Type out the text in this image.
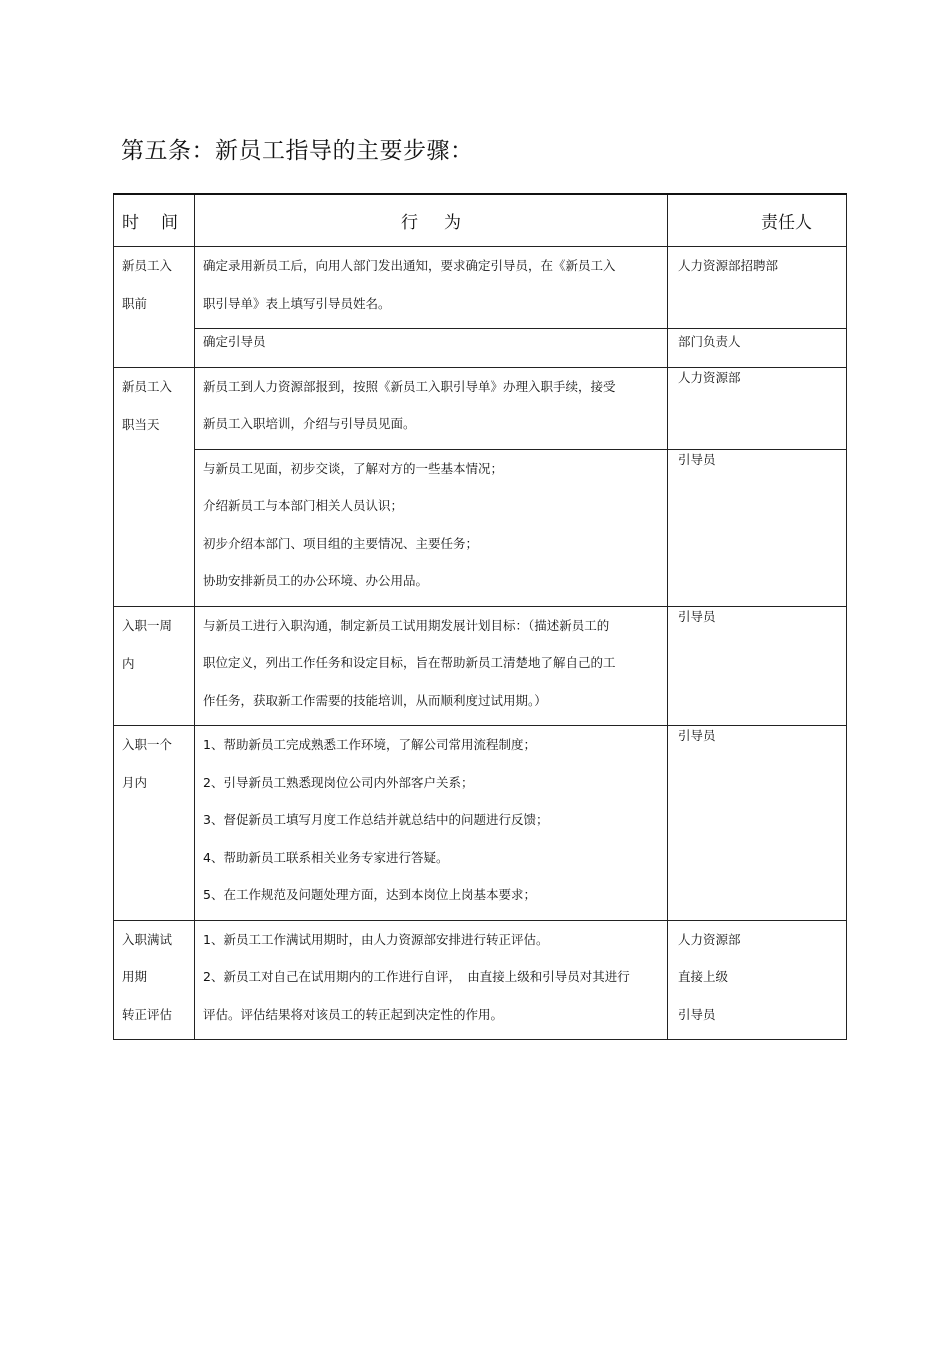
第五条：新员工指导的主要步骤：
时 间	行 为	责任人

新员工入
职前	确定录用新员工后，向用人部门发出通知，要求确定引导员，在《新员工入
职引导单》表上填写引导员姓名。	人力资源部招聘部

	确定引导员	部门负责人

新员工入
职当天	新员工到人力资源部报到，按照《新员工入职引导单》办理入职手续，接受
新员工入职培训，介绍与引导员见面。	人力资源部

	与新员工见面，初步交谈，了解对方的一些基本情况；
介绍新员工与本部门相关人员认识；
初步介绍本部门、项目组的主要情况、主要任务；
协助安排新员工的办公环境、办公用品。	引导员

入职一周
内	与新员工进行入职沟通，制定新员工试用期发展计划目标：（描述新员工的
职位定义，列出工作任务和设定目标，旨在帮助新员工清楚地了解自己的工
作任务，获取新工作需要的技能培训，从而顺利度过试用期。）	引导员

入职一个
月内	1、帮助新员工完成熟悉工作环境，了解公司常用流程制度；
2、引导新员工熟悉现岗位公司内外部客户关系；
3、督促新员工填写月度工作总结并就总结中的问题进行反馈；
4、帮助新员工联系相关业务专家进行答疑。
5、在工作规范及问题处理方面，达到本岗位上岗基本要求；	引导员

入职满试
用期
转正评估	1、新员工工作满试用期时，由人力资源部安排进行转正评估。
2、新员工对自己在试用期内的工作进行自评，　由直接上级和引导员对其进行
评估。评估结果将对该员工的转正起到决定性的作用。	人力资源部
直接上级
引导员
